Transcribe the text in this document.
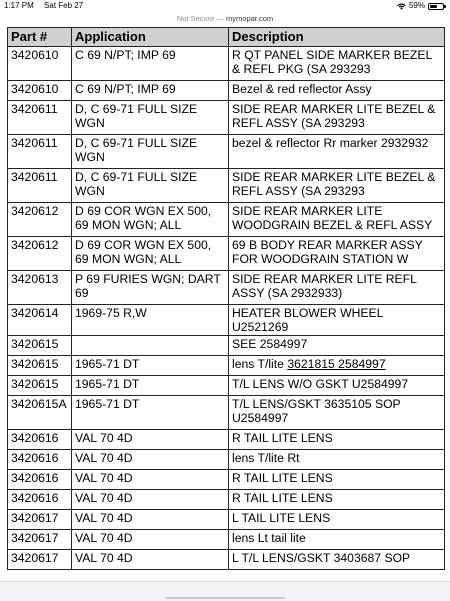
1:17 PM Sat Feb 27	59%
Not Secure — mymopar.com
Part #	Application	Description
3420610	C 69 N/PT; IMP 69	R QT PANEL SIDE MARKER BEZEL & REFL PKG (SA 293293
3420610	C 69 N/PT; IMP 69	Bezel & red reflector Assy
3420611	D, C 69-71 FULL SIZE WGN	SIDE REAR MARKER LITE BEZEL & REFL ASSY (SA 293293
3420611	D, C 69-71 FULL SIZE WGN	bezel & reflector Rr marker 2932932
3420611	D, C 69-71 FULL SIZE WGN	SIDE REAR MARKER LITE BEZEL & REFL ASSY (SA 293293
3420612	D 69 COR WGN EX 500, 69 MON WGN; ALL	SIDE REAR MARKER LITE WOODGRAIN BEZEL & REFL ASSY
3420612	D 69 COR WGN EX 500, 69 MON WGN; ALL	69 B BODY REAR MARKER ASSY FOR WOODGRAIN STATION W
3420613	P 69 FURIES WGN; DART 69	SIDE REAR MARKER LITE REFL ASSY (SA 2932933)
3420614	1969-75 R,W	HEATER BLOWER WHEEL U2521269
3420615		SEE 2584997
3420615	1965-71 DT	lens T/lite 3621815 2584997
3420615	1965-71 DT	T/L LENS W/O GSKT U2584997
3420615A	1965-71 DT	T/L LENS/GSKT 3635105 SOP U2584997
3420616	VAL 70 4D	R TAIL LITE LENS
3420616	VAL 70 4D	lens T/lite Rt
3420616	VAL 70 4D	R TAIL LITE LENS
3420616	VAL 70 4D	R TAIL LITE LENS
3420617	VAL 70 4D	L TAIL LITE LENS
3420617	VAL 70 4D	lens Lt tail lite
3420617	VAL 70 4D	L T/L LENS/GSKT 3403687 SOP
